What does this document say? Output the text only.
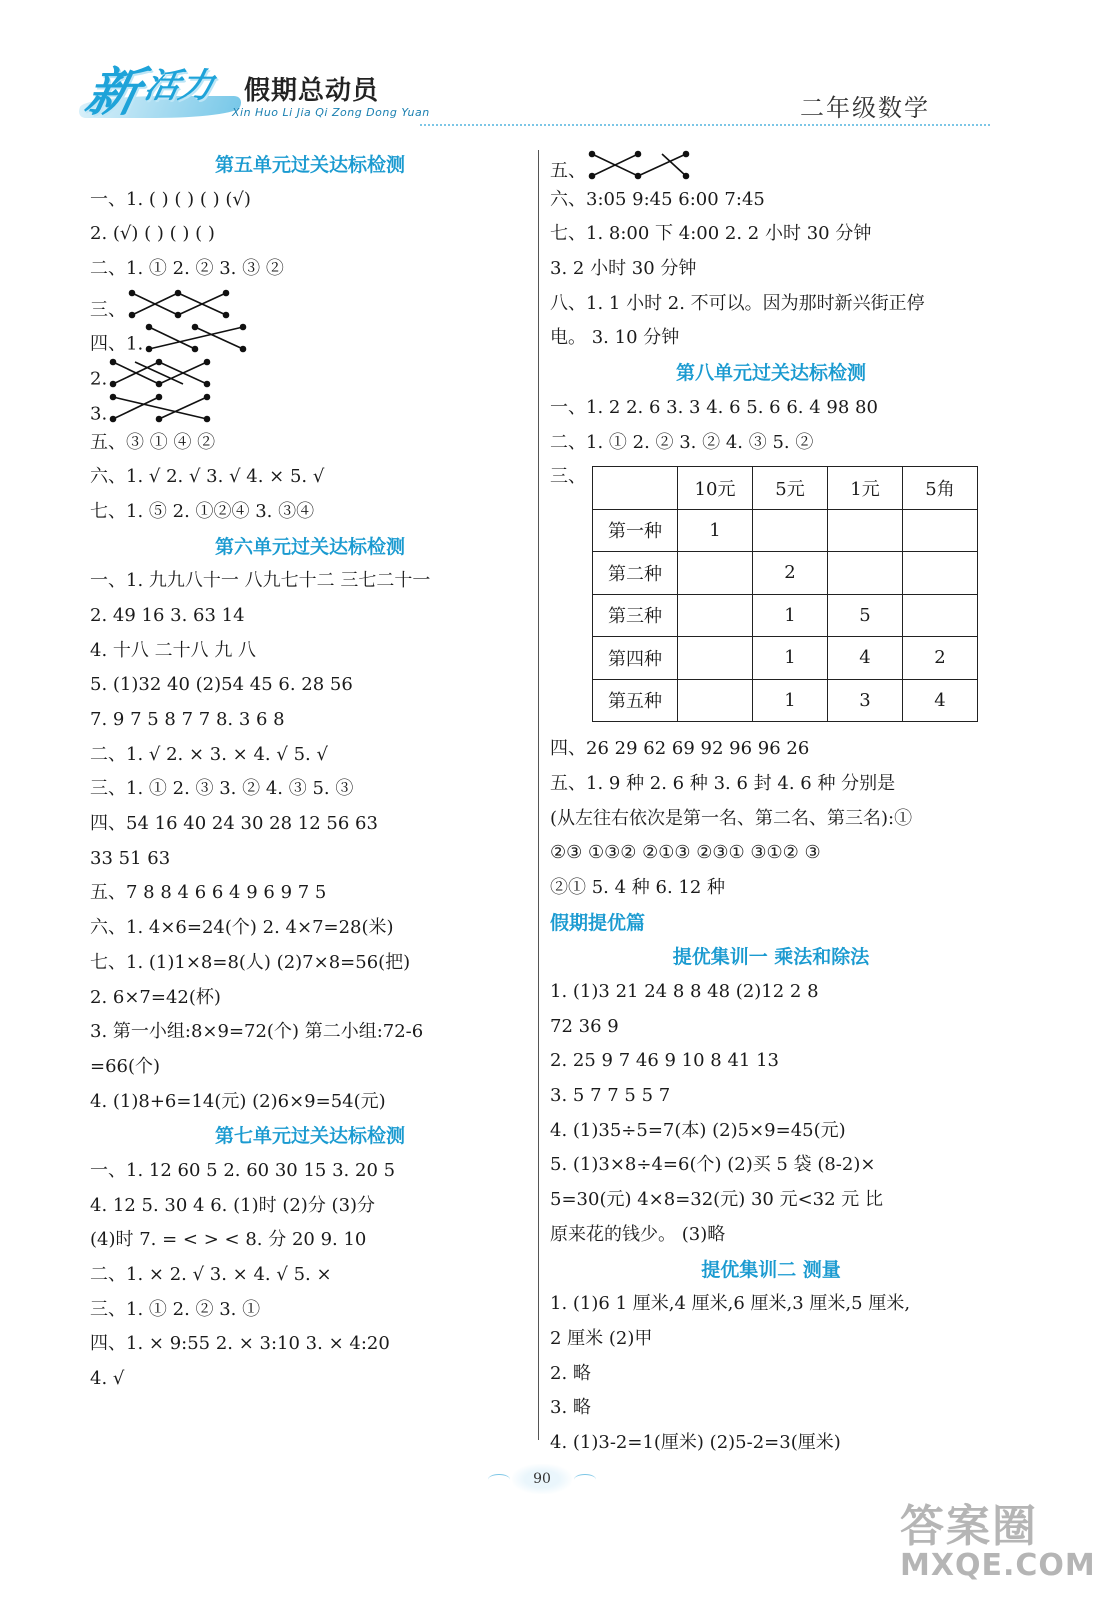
新
活力 假期总动员
Xin Huo Li Jia Qi Zong Dong Yuan	二年级数学
第五单元过关达标检测
一、1. ( ) ( ) ( ) (√)
2. (√) ( ) ( ) ( )
二、1. ① 2. ② 3. ③ ②
三、
四、1.
2.
3.
五、③ ① ④ ②
六、1. √ 2. √ 3. √ 4. × 5. √
七、1. ⑤ 2. ①②④ 3. ③④
第六单元过关达标检测
一、1. 九九八十一 八九七十二 三七二十一
2. 49 16 3. 63 14
4. 十八 二十八 九 八
5. (1)32 40 (2)54 45 6. 28 56
7. 9 7 5 8 7 7 8. 3 6 8
二、1. √ 2. × 3. × 4. √ 5. √
三、1. ① 2. ③ 3. ② 4. ③ 5. ③
四、54 16 40 24 30 28 12 56 63
33 51 63
五、7 8 8 4 6 6 4 9 6 9 7 5
六、1. 4×6=24(个) 2. 4×7=28(米)
七、1. (1)1×8=8(人) (2)7×8=56(把)
2. 6×7=42(杯)
3. 第一小组:8×9=72(个) 第二小组:72-6
=66(个)
4. (1)8+6=14(元) (2)6×9=54(元)
第七单元过关达标检测
一、1. 12 60 5 2. 60 30 15 3. 20 5
4. 12 5. 30 4 6. (1)时 (2)分 (3)分
(4)时 7. = < > < 8. 分 20 9. 10
二、1. × 2. √ 3. × 4. √ 5. ×
三、1. ① 2. ② 3. ①
四、1. × 9:55 2. × 3:10 3. × 4:20
4. √
五、
六、3:05 9:45 6:00 7:45
七、1. 8:00 下 4:00 2. 2 小时 30 分钟
3. 2 小时 30 分钟
八、1. 1 小时 2. 不可以。因为那时新兴街正停
电。 3. 10 分钟
第八单元过关达标检测
一、1. 2 2. 6 3. 3 4. 6 5. 6 6. 4 98 80
二、1. ① 2. ② 3. ② 4. ③ 5. ②
三、
	10元	5元	1元	5角
第一种	1			
第二种		2		
第三种		1	5	
第四种		1	4	2
第五种		1	3	4
四、26 29 62 69 92 96 96 26
五、1. 9 种 2. 6 种 3. 6 封 4. 6 种 分别是
(从左往右依次是第一名、第二名、第三名):①
②③ ①③② ②①③ ②③① ③①② ③
②① 5. 4 种 6. 12 种
假期提优篇
提优集训一 乘法和除法
1. (1)3 21 24 8 8 48 (2)12 2 8
72 36 9
2. 25 9 7 46 9 10 8 41 13
3. 5 7 7 5 5 7
4. (1)35÷5=7(本) (2)5×9=45(元)
5. (1)3×8÷4=6(个) (2)买 5 袋 (8-2)×
5=30(元) 4×8=32(元) 30 元<32 元 比
原来花的钱少。 (3)略
提优集训二 测量
1. (1)6 1 厘米,4 厘米,6 厘米,3 厘米,5 厘米,
2 厘米 (2)甲
2. 略
3. 略
4. (1)3-2=1(厘米) (2)5-2=3(厘米)
90
答案圈
MXQE.COM
